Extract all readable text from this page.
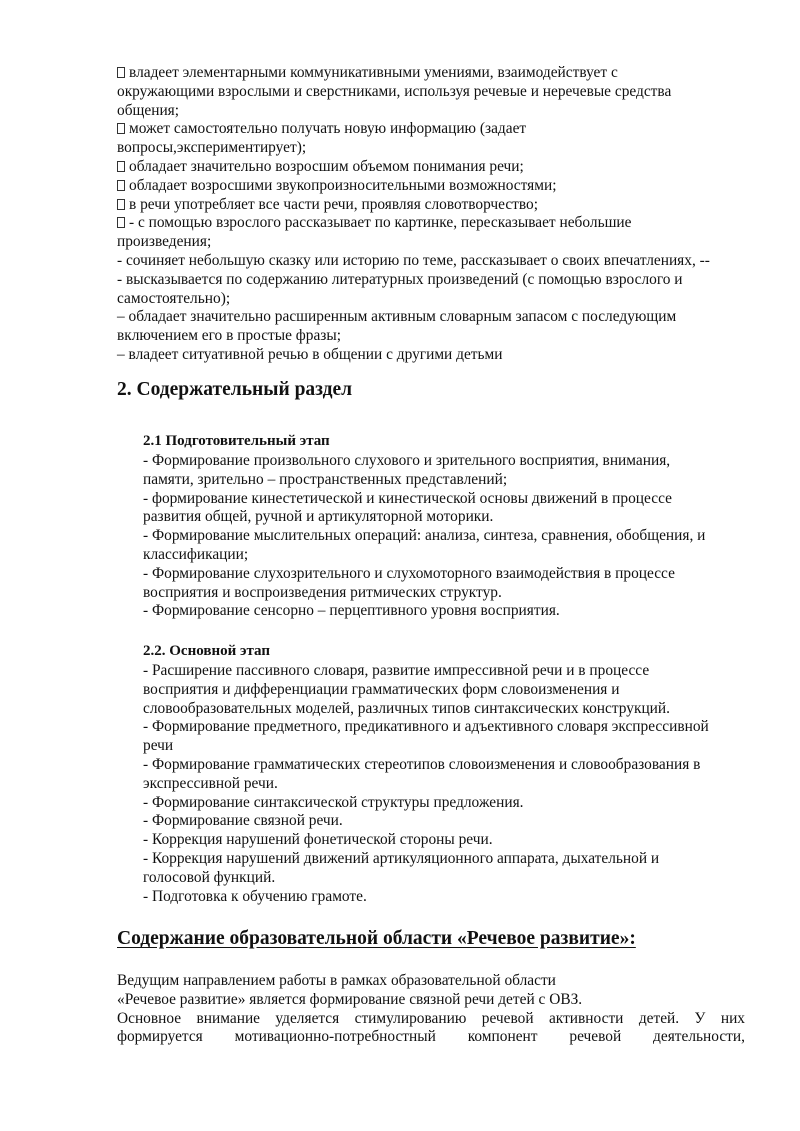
владеет элементарными коммуникативными умениями, взаимодействует с
окружающими взрослыми и сверстниками, используя речевые и неречевые средства
общения;
может самостоятельно получать новую информацию (задает
вопросы,экспериментирует);
обладает значительно возросшим объемом понимания речи;
обладает возросшими звукопроизносительными возможностями;
в речи употребляет все части речи, проявляя словотворчество;
- с помощью взрослого рассказывает по картинке, пересказывает небольшие
произведения;
- сочиняет небольшую сказку или историю по теме, рассказывает о своих впечатлениях, --
- высказывается по содержанию литературных произведений (с помощью взрослого и
самостоятельно);
– обладает значительно расширенным активным словарным запасом с последующим
включением его в простые фразы;
– владеет ситуативной речью в общении с другими детьми
2. Содержательный раздел
2.1 Подготовительный этап
- Формирование произвольного слухового и зрительного восприятия, внимания,
памяти, зрительно – пространственных представлений;
- формирование кинестетической и кинестической основы движений в процессе
развития общей, ручной и артикуляторной моторики.
- Формирование мыслительных операций: анализа, синтеза, сравнения, обобщения, и
классификации;
- Формирование слухозрительного и слухомоторного взаимодействия в процессе
восприятия и воспроизведения ритмических структур.
- Формирование сенсорно – перцептивного уровня восприятия.
2.2. Основной этап
- Расширение пассивного словаря, развитие импрессивной речи и в процессе
восприятия и дифференциации грамматических форм словоизменения и
словообразовательных моделей, различных типов синтаксических конструкций.
- Формирование предметного, предикативного и адъективного словаря экспрессивной
речи
- Формирование грамматических стереотипов словоизменения и словообразования в
экспрессивной речи.
- Формирование синтаксической структуры предложения.
- Формирование связной речи.
- Коррекция нарушений фонетической стороны речи.
- Коррекция нарушений движений артикуляционного аппарата, дыхательной и
голосовой функций.
- Подготовка к обучению грамоте.
Содержание образовательной области «Речевое развитие»:
Ведущим направлением работы в рамках образовательной области
«Речевое развитие» является формирование связной речи детей с ОВЗ.
Основное внимание уделяется стимулированию речевой активности детей. У них
формируется мотивационно-потребностный компонент речевой деятельности,
